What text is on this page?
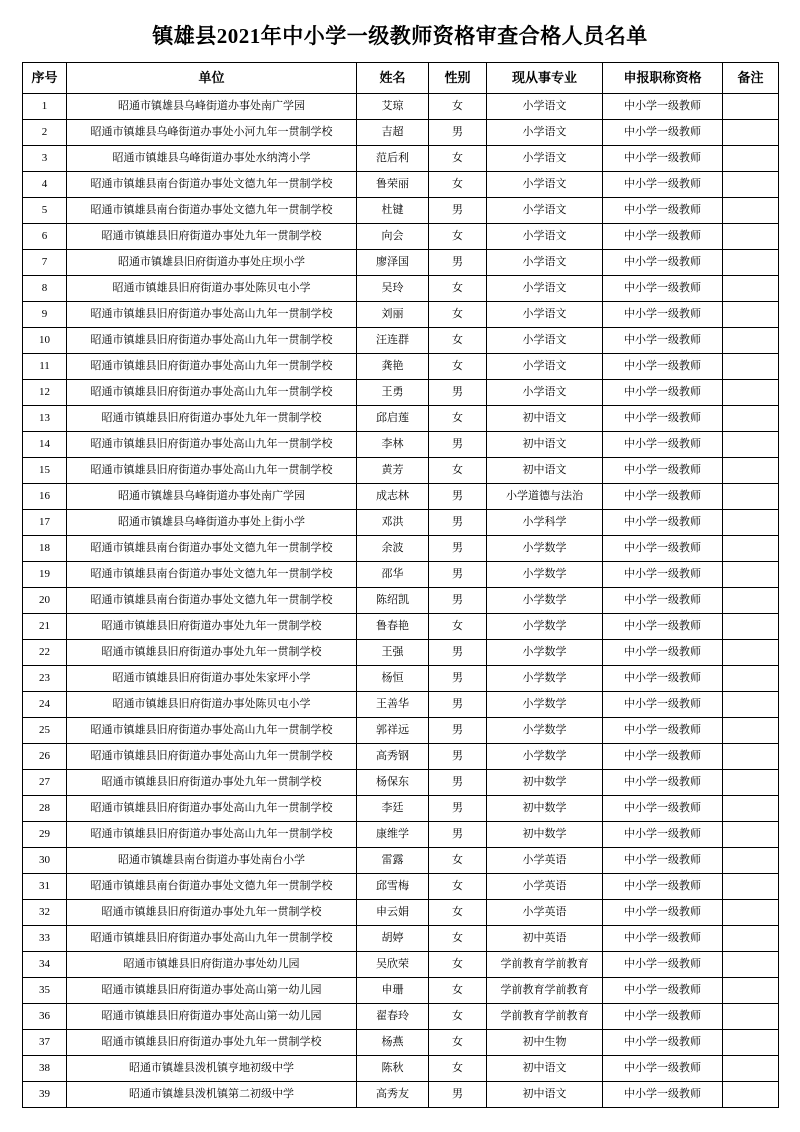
镇雄县2021年中小学一级教师资格审查合格人员名单
序号	单位	姓名	性别	现从事专业	申报职称资格	备注
1	昭通市镇雄县乌峰街道办事处南广学园	艾琼	女	小学语文	中小学一级教师	
2	昭通市镇雄县乌峰街道办事处小河九年一贯制学校	吉超	男	小学语文	中小学一级教师	
3	昭通市镇雄县乌峰街道办事处水纳湾小学	范后利	女	小学语文	中小学一级教师	
4	昭通市镇雄县南台街道办事处文德九年一贯制学校	鲁荣丽	女	小学语文	中小学一级教师	
5	昭通市镇雄县南台街道办事处文德九年一贯制学校	杜键	男	小学语文	中小学一级教师	
6	昭通市镇雄县旧府街道办事处九年一贯制学校	向会	女	小学语文	中小学一级教师	
7	昭通市镇雄县旧府街道办事处庄坝小学	廖泽国	男	小学语文	中小学一级教师	
8	昭通市镇雄县旧府街道办事处陈贝屯小学	吴玲	女	小学语文	中小学一级教师	
9	昭通市镇雄县旧府街道办事处高山九年一贯制学校	刘丽	女	小学语文	中小学一级教师	
10	昭通市镇雄县旧府街道办事处高山九年一贯制学校	汪连群	女	小学语文	中小学一级教师	
11	昭通市镇雄县旧府街道办事处高山九年一贯制学校	龚艳	女	小学语文	中小学一级教师	
12	昭通市镇雄县旧府街道办事处高山九年一贯制学校	王勇	男	小学语文	中小学一级教师	
13	昭通市镇雄县旧府街道办事处九年一贯制学校	邱启莲	女	初中语文	中小学一级教师	
14	昭通市镇雄县旧府街道办事处高山九年一贯制学校	李林	男	初中语文	中小学一级教师	
15	昭通市镇雄县旧府街道办事处高山九年一贯制学校	黄芳	女	初中语文	中小学一级教师	
16	昭通市镇雄县乌峰街道办事处南广学园	成志林	男	小学道德与法治	中小学一级教师	
17	昭通市镇雄县乌峰街道办事处上街小学	邓洪	男	小学科学	中小学一级教师	
18	昭通市镇雄县南台街道办事处文德九年一贯制学校	余波	男	小学数学	中小学一级教师	
19	昭通市镇雄县南台街道办事处文德九年一贯制学校	邵华	男	小学数学	中小学一级教师	
20	昭通市镇雄县南台街道办事处文德九年一贯制学校	陈绍凯	男	小学数学	中小学一级教师	
21	昭通市镇雄县旧府街道办事处九年一贯制学校	鲁春艳	女	小学数学	中小学一级教师	
22	昭通市镇雄县旧府街道办事处九年一贯制学校	王强	男	小学数学	中小学一级教师	
23	昭通市镇雄县旧府街道办事处朱家坪小学	杨恒	男	小学数学	中小学一级教师	
24	昭通市镇雄县旧府街道办事处陈贝屯小学	王善华	男	小学数学	中小学一级教师	
25	昭通市镇雄县旧府街道办事处高山九年一贯制学校	郭祥远	男	小学数学	中小学一级教师	
26	昭通市镇雄县旧府街道办事处高山九年一贯制学校	高秀钢	男	小学数学	中小学一级教师	
27	昭通市镇雄县旧府街道办事处九年一贯制学校	杨保东	男	初中数学	中小学一级教师	
28	昭通市镇雄县旧府街道办事处高山九年一贯制学校	李廷	男	初中数学	中小学一级教师	
29	昭通市镇雄县旧府街道办事处高山九年一贯制学校	康维学	男	初中数学	中小学一级教师	
30	昭通市镇雄县南台街道办事处南台小学	雷露	女	小学英语	中小学一级教师	
31	昭通市镇雄县南台街道办事处文德九年一贯制学校	邱雪梅	女	小学英语	中小学一级教师	
32	昭通市镇雄县旧府街道办事处九年一贯制学校	申云娟	女	小学英语	中小学一级教师	
33	昭通市镇雄县旧府街道办事处高山九年一贯制学校	胡婷	女	初中英语	中小学一级教师	
34	昭通市镇雄县旧府街道办事处幼儿园	吴欣荣	女	学前教育学前教育	中小学一级教师	
35	昭通市镇雄县旧府街道办事处高山第一幼儿园	申珊	女	学前教育学前教育	中小学一级教师	
36	昭通市镇雄县旧府街道办事处高山第一幼儿园	翟春玲	女	学前教育学前教育	中小学一级教师	
37	昭通市镇雄县旧府街道办事处九年一贯制学校	杨燕	女	初中生物	中小学一级教师	
38	昭通市镇雄县泼机镇亨地初级中学	陈秋	女	初中语文	中小学一级教师	
39	昭通市镇雄县泼机镇第二初级中学	高秀友	男	初中语文	中小学一级教师	
